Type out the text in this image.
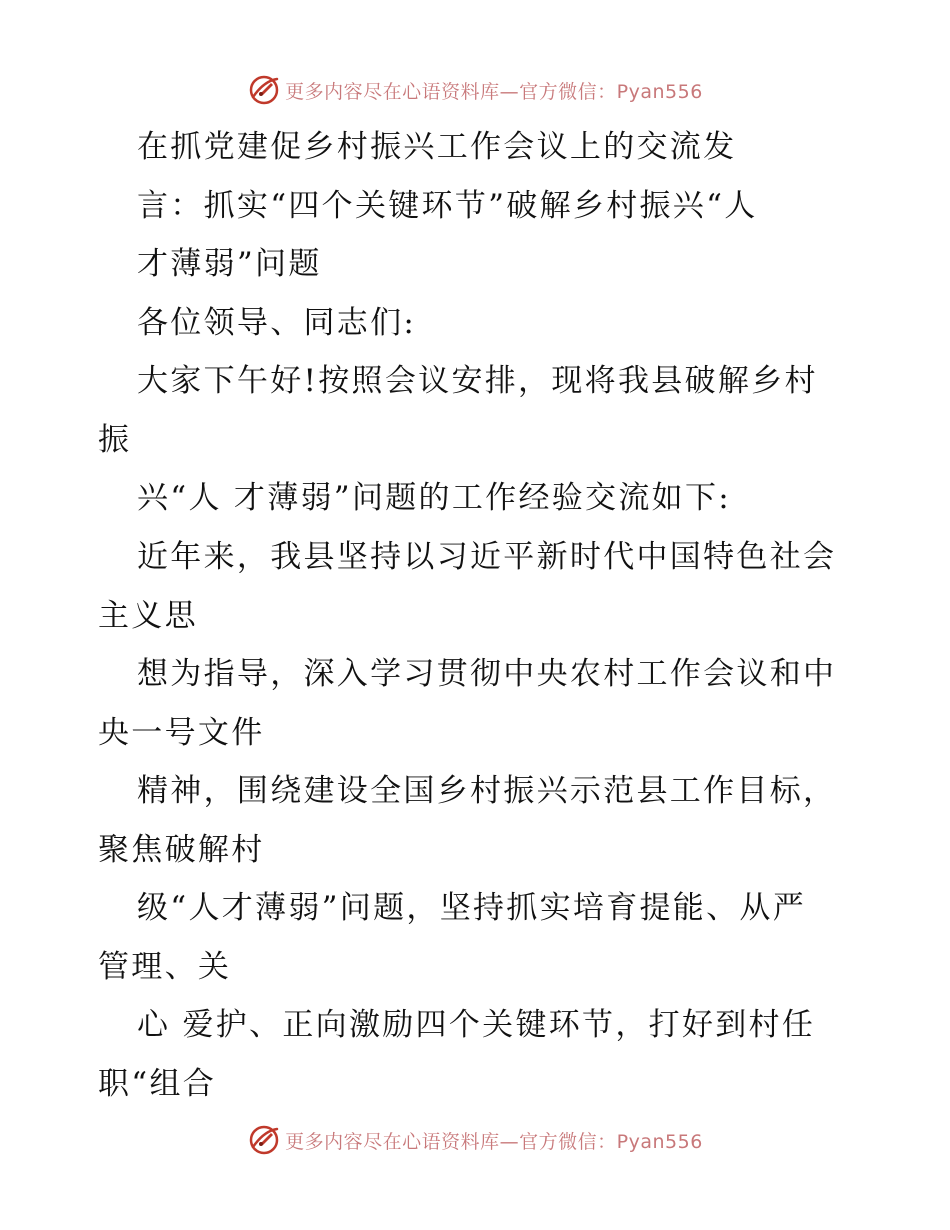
更多内容尽在心语资料库—官方微信：Pyan556
在抓党建促乡村振兴工作会议上的交流发
言：抓实“四个关键环节”破解乡村振兴“人
才薄弱”问题
各位领导、同志们:
大家下午好!按照会议安排，现将我县破解乡村
振
兴“人 才薄弱”问题的工作经验交流如下:
近年来，我县坚持以习近平新时代中国特色社会
主义思
想为指导，深入学习贯彻中央农村工作会议和中
央一号文件
精神，围绕建设全国乡村振兴示范县工作目标，
聚焦破解村
级“人才薄弱”问题，坚持抓实培育提能、从严
管理、关
心 爱护、正向激励四个关键环节，打好到村任
职“组合
更多内容尽在心语资料库—官方微信：Pyan556
